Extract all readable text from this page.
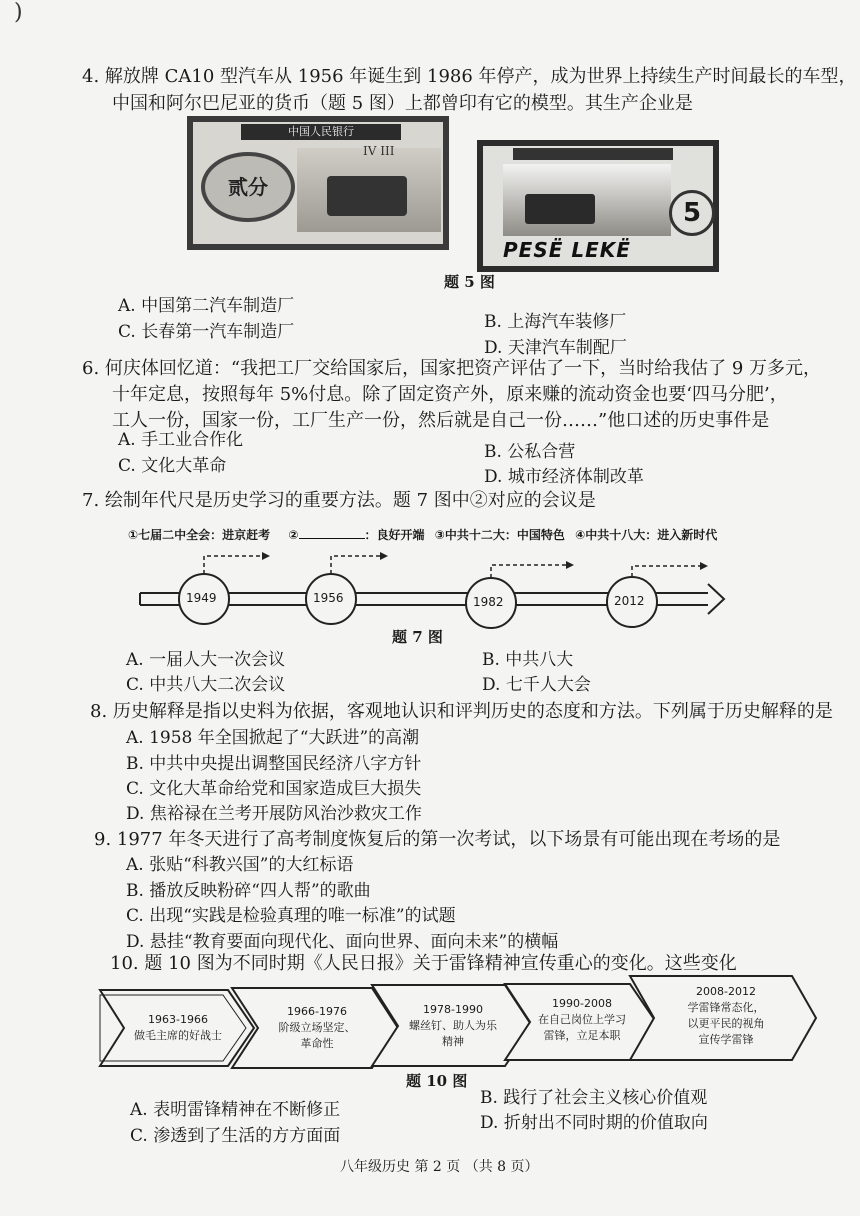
)
4. 解放牌 CA10 型汽车从 1956 年诞生到 1986 年停产，成为世界上持续生产时间最长的车型，
中国和阿尔巴尼亚的货币（题 5 图）上都曾印有它的模型。其生产企业是
中国人民银行
贰分
IV III
5
PESË LEKË
题 5 图
A. 中国第二汽车制造厂
B. 上海汽车装修厂
C. 长春第一汽车制造厂
D. 天津汽车制配厂
6. 何庆体回忆道：“我把工厂交给国家后，国家把资产评估了一下，当时给我估了 9 万多元，
十年定息，按照每年 5%付息。除了固定资产外，原来赚的流动资金也要‘四马分肥’，
工人一份，国家一份，工厂生产一份，然后就是自己一份……”他口述的历史事件是
A. 手工业合作化
B. 公私合营
C. 文化大革命
D. 城市经济体制改革
7. 绘制年代尺是历史学习的重要方法。题 7 图中②对应的会议是
①七届二中全会：进京赶考 ②	：良好开端 ③中共十二大：中国特色 ④中共十八大：进入新时代
1949	1956	1982	2012
题 7 图
A. 一届人大一次会议	B. 中共八大
C. 中共八大二次会议	D. 七千人大会
8. 历史解释是指以史料为依据，客观地认识和评判历史的态度和方法。下列属于历史解释的是
A. 1958 年全国掀起了“大跃进”的高潮
B. 中共中央提出调整国民经济八字方针
C. 文化大革命给党和国家造成巨大损失
D. 焦裕禄在兰考开展防风治沙救灾工作
9. 1977 年冬天进行了高考制度恢复后的第一次考试，以下场景有可能出现在考场的是
A. 张贴“科教兴国”的大红标语
B. 播放反映粉碎“四人帮”的歌曲
C. 出现“实践是检验真理的唯一标准”的试题
D. 悬挂“教育要面向现代化、面向世界、面向未来”的横幅
10. 题 10 图为不同时期《人民日报》关于雷锋精神宣传重心的变化。这些变化
1963-1966
做毛主席的好战士
1966-1976
阶级立场坚定、
革命性
1978-1990
螺丝钉、助人为乐
精神
1990-2008
在自己岗位上学习
雷锋，立足本职
2008-2012
学雷锋常态化，
以更平民的视角
宣传学雷锋
题 10 图
A. 表明雷锋精神在不断修正
B. 践行了社会主义核心价值观
C. 渗透到了生活的方方面面
D. 折射出不同时期的价值取向
八年级历史 第 2 页 （共 8 页）
